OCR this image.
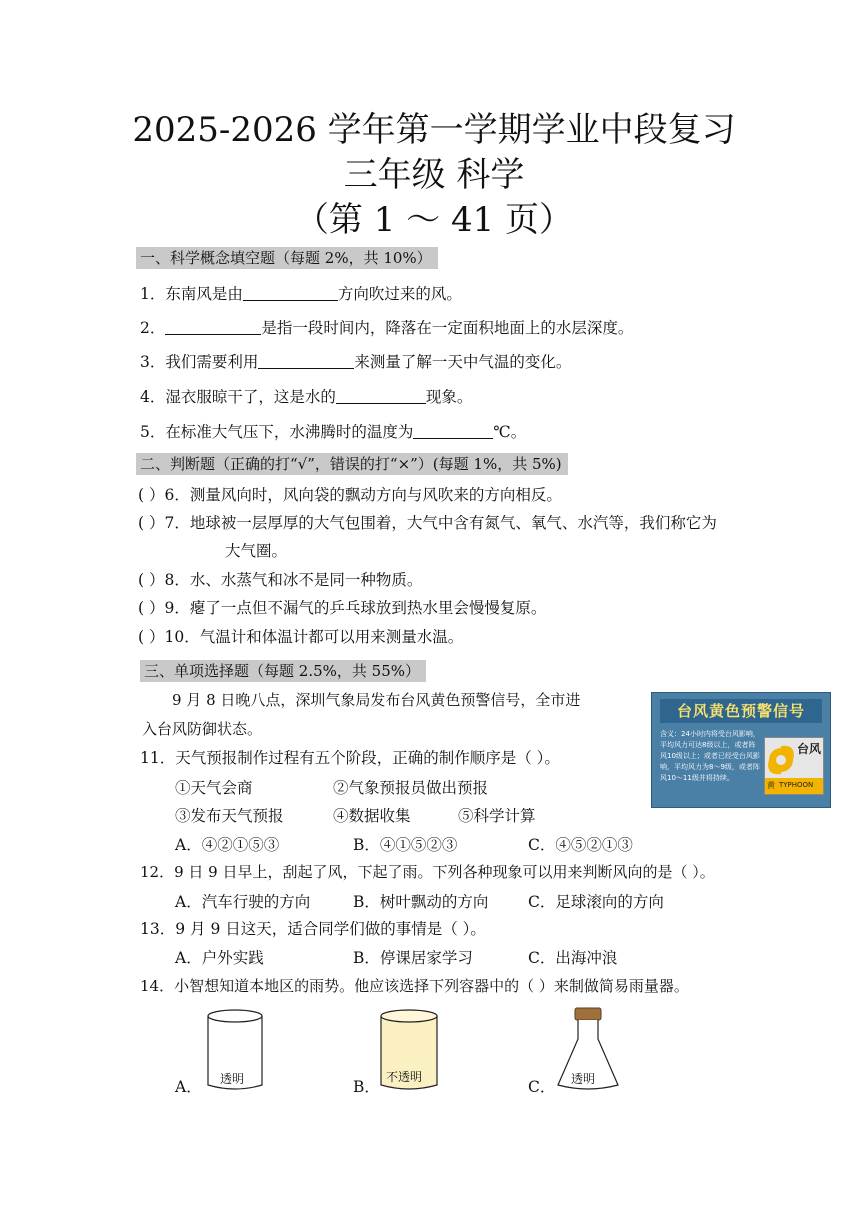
2025-2026 学年第一学期学业中段复习
三年级 科学
（第 1 ～ 41 页）
一、科学概念填空题（每题 2%，共 10%）
1．东南风是由	方向吹过来的风。
2．	是指一段时间内，降落在一定面积地面上的水层深度。
3．我们需要利用	来测量了解一天中气温的变化。
4．湿衣服晾干了，这是水的	现象。
5．在标准大气压下，水沸腾时的温度为	℃。
二、判断题（正确的打“√”，错误的打“×”）(每题 1%，共 5%)
( ）6．测量风向时，风向袋的飘动方向与风吹来的方向相反。
( ）7．地球被一层厚厚的大气包围着，大气中含有氮气、氧气、水汽等，我们称它为
大气圈。
( ）8．水、水蒸气和冰不是同一种物质。
( ）9．瘪了一点但不漏气的乒乓球放到热水里会慢慢复原。
( ）10．气温计和体温计都可以用来测量水温。
三、单项选择题（每题 2.5%，共 55%）
9 月 8 日晚八点，深圳气象局发布台风黄色预警信号，全市进
入台风防御状态。
台风黄色预警信号
含义：24小时内将受台风影响，平均风力可达8级以上，或者阵风10级以上；或者已经受台风影响，平均风力为8～9级，或者阵风10～11级并将持续。
台风
黄 TYPHOON
11．天气预报制作过程有五个阶段，正确的制作顺序是（ ）。
①天气会商	②气象预报员做出预报
③发布天气预报	④数据收集	⑤科学计算
A．④②①⑤③	B．④①⑤②③	C．④⑤②①③
12．9 日 9 日早上，刮起了风，下起了雨。下列各种现象可以用来判断风向的是（ ）。
A．汽车行驶的方向	B．树叶飘动的方向	C．足球滚向的方向
13．9 月 9 日这天，适合同学们做的事情是（ ）。
A．户外实践	B．停课居家学习	C．出海冲浪
14．小智想知道本地区的雨势。他应该选择下列容器中的（ ）来制做简易雨量器。
A． 透明	B．
不透明
C． 透明
